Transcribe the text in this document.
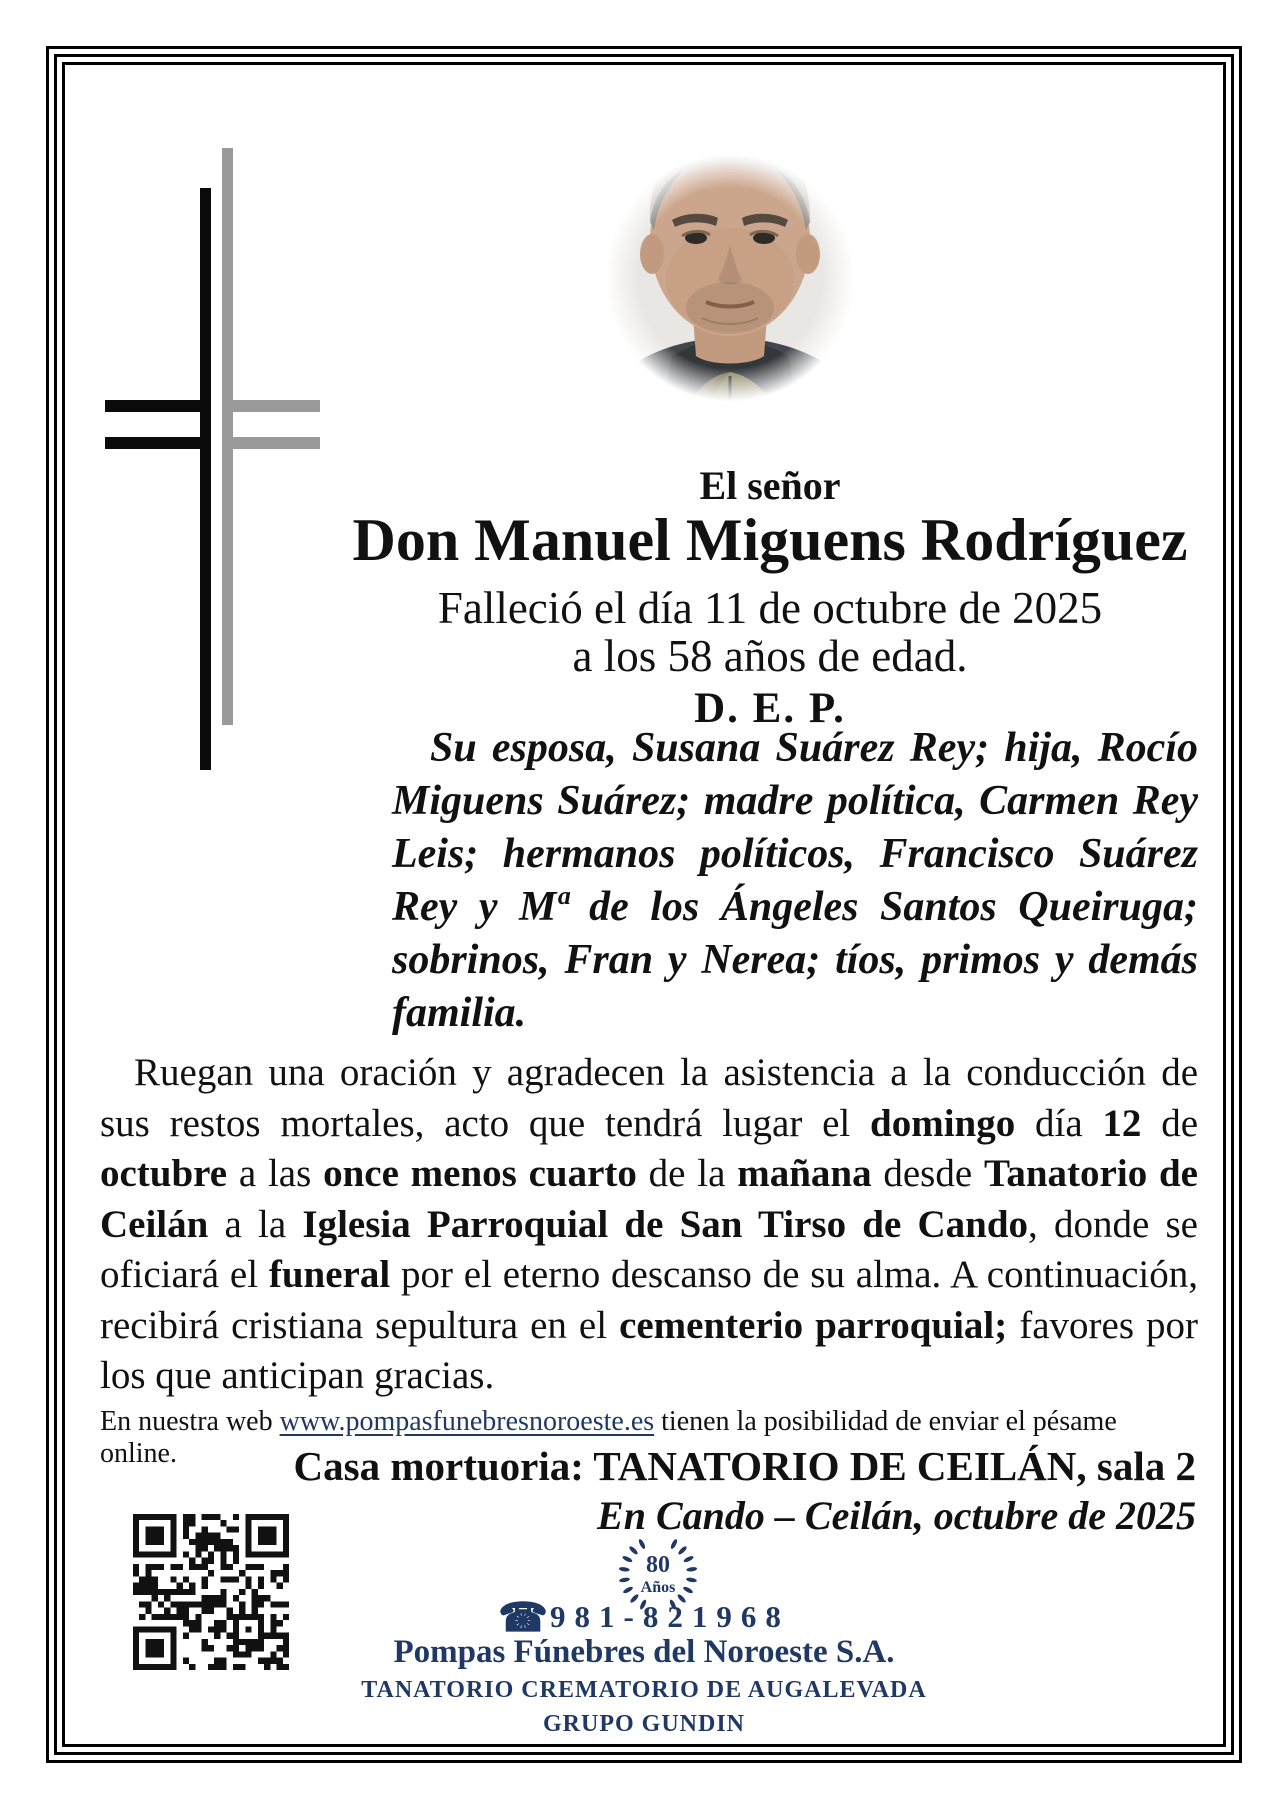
El señor
Don Manuel Miguens Rodríguez
Falleció el día 11 de octubre de 2025
a los 58 años de edad.
D. E. P.
Su esposa, Susana Suárez Rey; hija, Rocío Miguens Suárez; madre política, Carmen Rey Leis; hermanos políticos, Francisco Suárez Rey y Mª de los Ángeles Santos Queiruga; sobrinos, Fran y Nerea; tíos, primos y demás familia.
Ruegan una oración y agradecen la asistencia a la conducción de sus restos mortales, acto que tendrá lugar el domingo día 12 de octubre a las once menos cuarto de la mañana desde Tanatorio de Ceilán a la Iglesia Parroquial de San Tirso de Cando, donde se oficiará el funeral por el eterno descanso de su alma. A continuación, recibirá cristiana sepultura en el cementerio parroquial; favores por los que anticipan gracias.
En nuestra web www.pompasfunebresnoroeste.es tienen la posibilidad de enviar el pésame online.	Casa mortuoria: TANATORIO DE CEILÁN, sala 2
En Cando – Ceilán, octubre de 2025
80
Años
☎981-821968
Pompas Fúnebres del Noroeste S.A.
TANATORIO CREMATORIO DE AUGALEVADA
GRUPO GUNDIN
